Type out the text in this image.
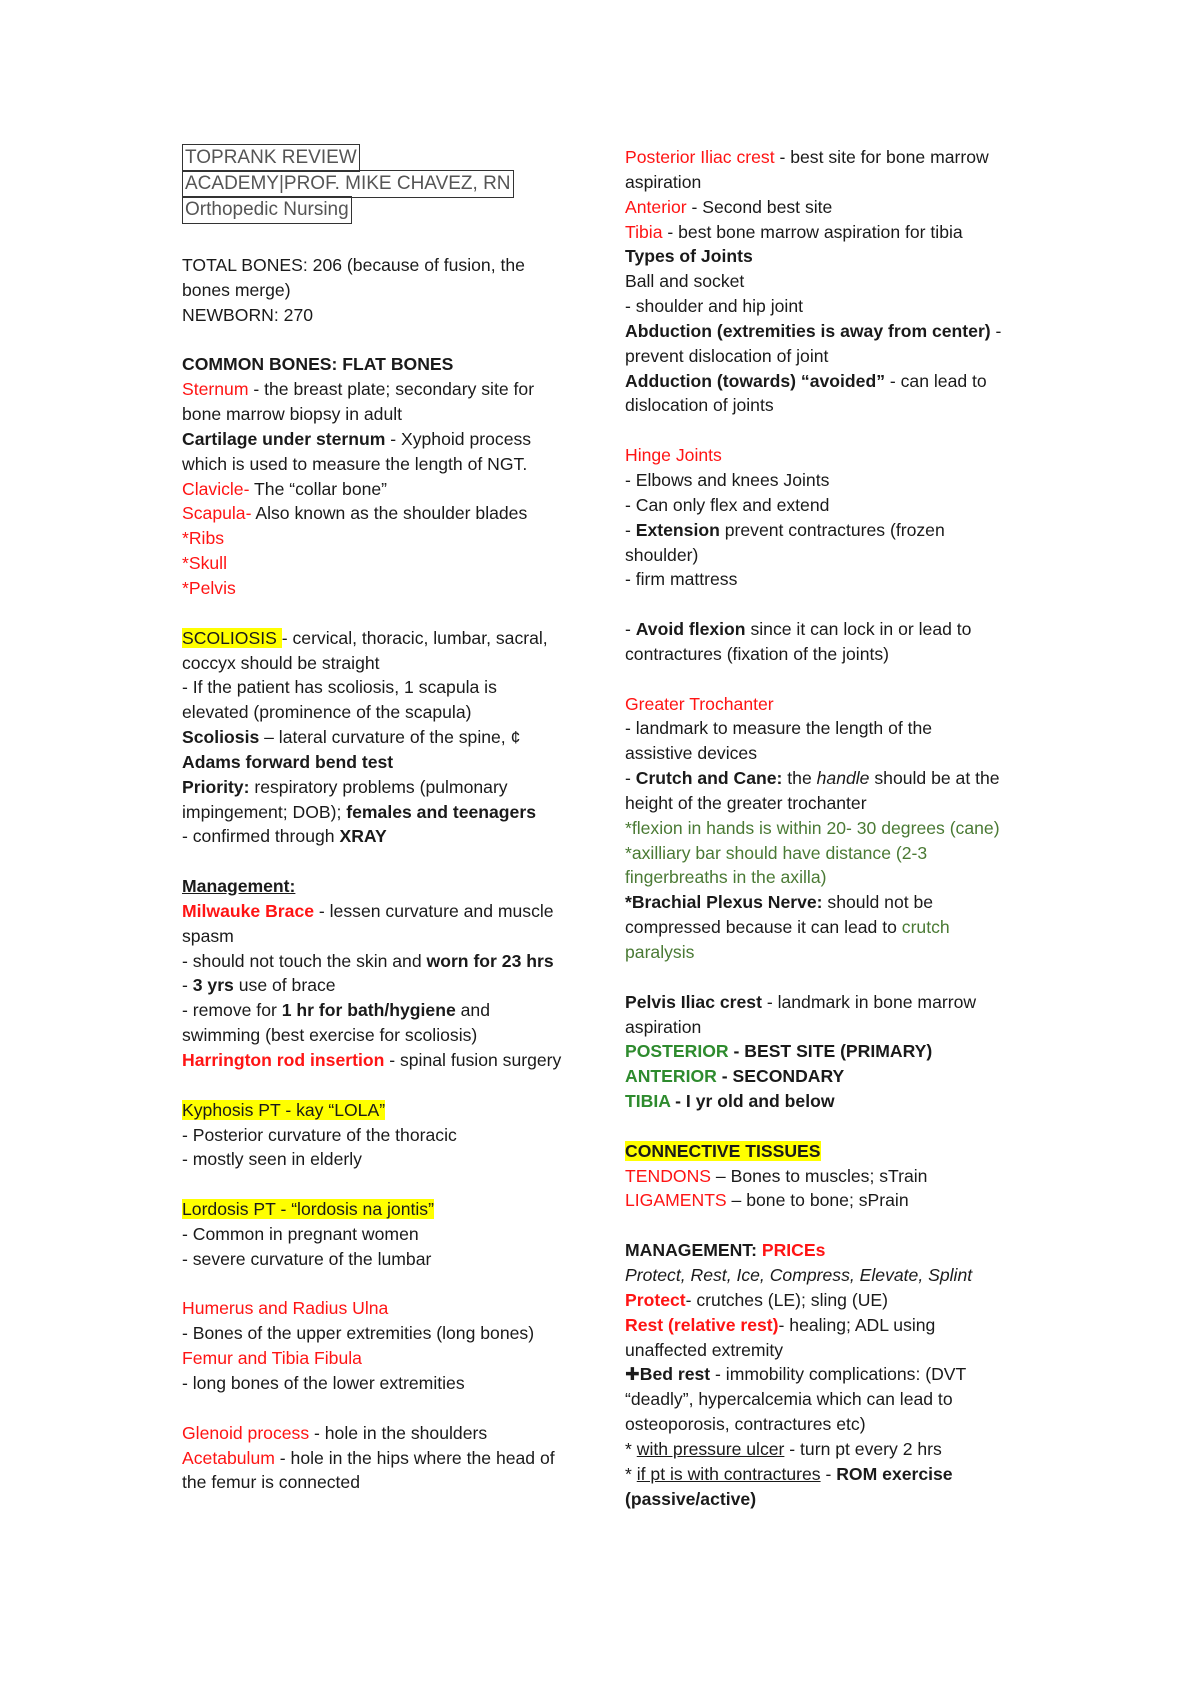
TOPRANK REVIEW
ACADEMY|PROF. MIKE CHAVEZ, RN
Orthopedic Nursing
TOTAL BONES: 206 (because of fusion, the
bones merge)
NEWBORN: 270
COMMON BONES: FLAT BONES
Sternum - the breast plate; secondary site for
bone marrow biopsy in adult
Cartilage under sternum - Xyphoid process
which is used to measure the length of NGT.
Clavicle- The “collar bone”
Scapula- Also known as the shoulder blades
*Ribs
*Skull
*Pelvis
SCOLIOSIS - cervical, thoracic, lumbar, sacral,
coccyx should be straight
- If the patient has scoliosis, 1 scapula is
elevated (prominence of the scapula)
Scoliosis – lateral curvature of the spine, ¢
Adams forward bend test
Priority: respiratory problems (pulmonary
impingement; DOB); females and teenagers
- confirmed through XRAY
Management:
Milwauke Brace - lessen curvature and muscle
spasm
- should not touch the skin and worn for 23 hrs
- 3 yrs use of brace
- remove for 1 hr for bath/hygiene and
swimming (best exercise for scoliosis)
Harrington rod insertion - spinal fusion surgery
Kyphosis PT - kay “LOLA”
- Posterior curvature of the thoracic
- mostly seen in elderly
Lordosis PT - “lordosis na jontis”
- Common in pregnant women
- severe curvature of the lumbar
Humerus and Radius Ulna
- Bones of the upper extremities (long bones)
Femur and Tibia Fibula
- long bones of the lower extremities
Glenoid process - hole in the shoulders
Acetabulum - hole in the hips where the head of
the femur is connected
Posterior Iliac crest - best site for bone marrow
aspiration
Anterior - Second best site
Tibia - best bone marrow aspiration for tibia
Types of Joints
Ball and socket
- shoulder and hip joint
Abduction (extremities is away from center) -
prevent dislocation of joint
Adduction (towards) “avoided” - can lead to
dislocation of joints
Hinge Joints
- Elbows and knees Joints
- Can only flex and extend
- Extension prevent contractures (frozen
shoulder)
- firm mattress
- Avoid flexion since it can lock in or lead to
contractures (fixation of the joints)
Greater Trochanter
- landmark to measure the length of the
assistive devices
- Crutch and Cane: the handle should be at the
height of the greater trochanter
*flexion in hands is within 20- 30 degrees (cane)
*axilliary bar should have distance (2-3
fingerbreaths in the axilla)
*Brachial Plexus Nerve: should not be
compressed because it can lead to crutch
paralysis
Pelvis Iliac crest - landmark in bone marrow
aspiration
POSTERIOR - BEST SITE (PRIMARY)
ANTERIOR - SECONDARY
TIBIA - I yr old and below
CONNECTIVE TISSUES
TENDONS – Bones to muscles; sTrain
LIGAMENTS – bone to bone; sPrain
MANAGEMENT: PRICEs
Protect, Rest, Ice, Compress, Elevate, Splint
Protect- crutches (LE); sling (UE)
Rest (relative rest)- healing; ADL using
unaffected extremity
✚Bed rest - immobility complications: (DVT
“deadly”, hypercalcemia which can lead to
osteoporosis, contractures etc)
* with pressure ulcer - turn pt every 2 hrs
* if pt is with contractures - ROM exercise
(passive/active)
